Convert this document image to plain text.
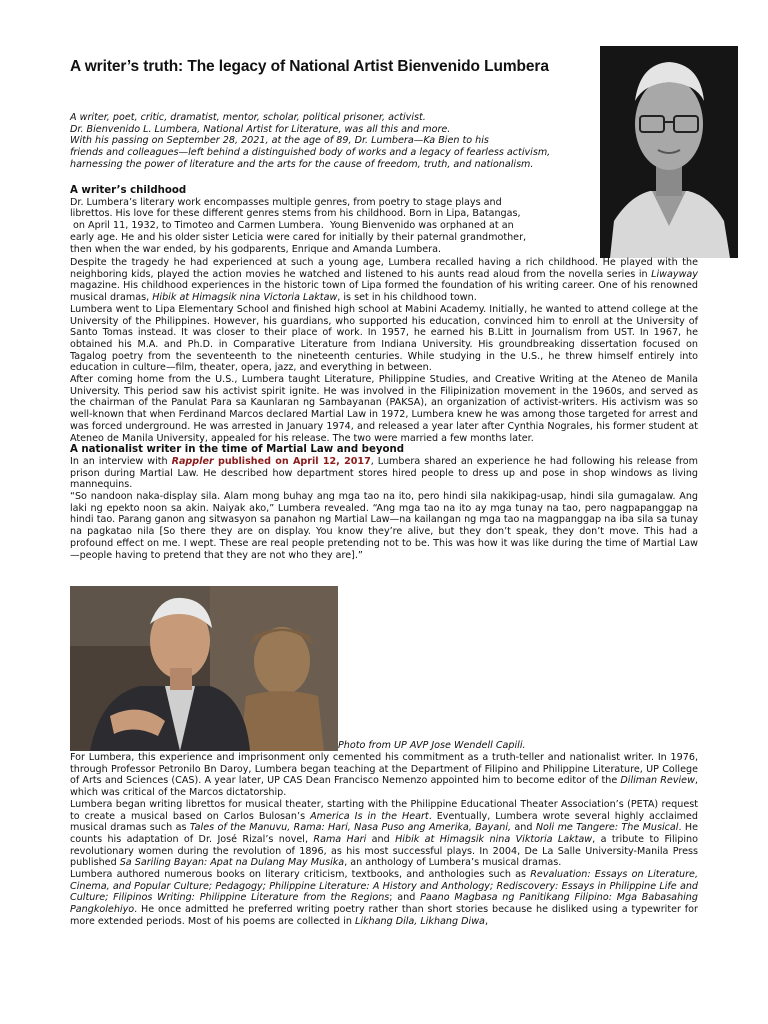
A writer’s truth: The legacy of National Artist Bienvenido Lumbera

A writer, poet, critic, dramatist, mentor, scholar, political prisoner, activist.

Dr. Bienvenido L. Lumbera, National Artist for Literature, was all this and more.

With his passing on September 28, 2021, at the age of 89, Dr. Lumbera—Ka Bien to his

friends and colleagues—left behind a distinguished body of works and a legacy of fearless activism,

harnessing the power of literature and the arts for the cause of freedom, truth, and nationalism.

A writer’s childhood

Dr. Lumbera’s literary work encompasses multiple genres, from poetry to stage plays and

librettos. His love for these different genres stems from his childhood. Born in Lipa, Batangas,

on April 11, 1932, to Timoteo and Carmen Lumbera.  Young Bienvenido was orphaned at an

early age. He and his older sister Leticia were cared for initially by their paternal grandmother,

then when the war ended, by his godparents, Enrique and Amanda Lumbera.

Despite the tragedy he had experienced at such a young age, Lumbera recalled having a rich childhood. He played with the neighboring kids, played the action movies he watched and listened to his aunts read aloud from the novella series in Liwayway magazine. His childhood experiences in the historic town of Lipa formed the foundation of his writing career. One of his renowned musical dramas, Hibik at Himagsik nina Victoria Laktaw, is set in his childhood town.

Lumbera went to Lipa Elementary School and finished high school at Mabini Academy. Initially, he wanted to attend college at the University of the Philippines. However, his guardians, who supported his education, convinced him to enroll at the University of Santo Tomas instead. It was closer to their place of work. In 1957, he earned his B.Litt in Journalism from UST. In 1967, he obtained his M.A. and Ph.D. in Comparative Literature from Indiana University. His groundbreaking dissertation focused on Tagalog poetry from the seventeenth to the nineteenth centuries. While studying in the U.S., he threw himself entirely into education in culture—film, theater, opera, jazz, and everything in between.

After coming home from the U.S., Lumbera taught Literature, Philippine Studies, and Creative Writing at the Ateneo de Manila University. This period saw his activist spirit ignite. He was involved in the Filipinization movement in the 1960s, and served as the chairman of the Panulat Para sa Kaunlaran ng Sambayanan (PAKSA), an organization of activist-writers. His activism was so well-known that when Ferdinand Marcos declared Martial Law in 1972, Lumbera knew he was among those targeted for arrest and was forced underground. He was arrested in January 1974, and released a year later after Cynthia Nograles, his former student at Ateneo de Manila University, appealed for his release. The two were married a few months later.

A nationalist writer in the time of Martial Law and beyond

In an interview with Rappler published on April 12, 2017, Lumbera shared an experience he had following his release from prison during Martial Law. He described how department stores hired people to dress up and pose in shop windows as living mannequins.

“So nandoon naka-display sila. Alam mong buhay ang mga tao na ito, pero hindi sila nakikipag-usap, hindi sila gumagalaw. Ang laki ng epekto noon sa akin. Naiyak ako,” Lumbera revealed. “Ang mga tao na ito ay mga tunay na tao, pero nagpapanggap na hindi tao. Parang ganon ang sitwasyon sa panahon ng Martial Law—na kailangan ng mga tao na magpanggap na iba sila sa tunay na pagkatao nila [So there they are on display. You know they’re alive, but they don’t speak, they don’t move. This had a profound effect on me. I wept. These are real people pretending not to be. This was how it was like during the time of Martial Law—people having to pretend that they are not who they are].”

Photo from UP AVP Jose Wendell Capili.

For Lumbera, this experience and imprisonment only cemented his commitment as a truth-teller and nationalist writer. In 1976, through Professor Petronilo Bn Daroy, Lumbera began teaching at the Department of Filipino and Philippine Literature, UP College of Arts and Sciences (CAS). A year later, UP CAS Dean Francisco Nemenzo appointed him to become editor of the Diliman Review, which was critical of the Marcos dictatorship.

Lumbera began writing librettos for musical theater, starting with the Philippine Educational Theater Association’s (PETA) request to create a musical based on Carlos Bulosan’s America Is in the Heart. Eventually, Lumbera wrote several highly acclaimed musical dramas such as Tales of the Manuvu, Rama: Hari, Nasa Puso ang Amerika, Bayani, and Noli me Tangere: The Musical. He counts his adaptation of Dr. José Rizal’s novel, Rama Hari and Hibik at Himagsik nina Viktoria Laktaw, a tribute to Filipino revolutionary women during the revolution of 1896, as his most successful plays. In 2004, De La Salle University-Manila Press published Sa Sariling Bayan: Apat na Dulang May Musika, an anthology of Lumbera’s musical dramas.

Lumbera authored numerous books on literary criticism, textbooks, and anthologies such as Revaluation: Essays on Literature, Cinema, and Popular Culture; Pedagogy; Philippine Literature: A History and Anthology; Rediscovery: Essays in Philippine Life and Culture; Filipinos Writing: Philippine Literature from the Regions; and Paano Magbasa ng Panitikang Filipino: Mga Babasahing Pangkolehiyo. He once admitted he preferred writing poetry rather than short stories because he disliked using a typewriter for more extended periods. Most of his poems are collected in Likhang Dila, Likhang Diwa,
